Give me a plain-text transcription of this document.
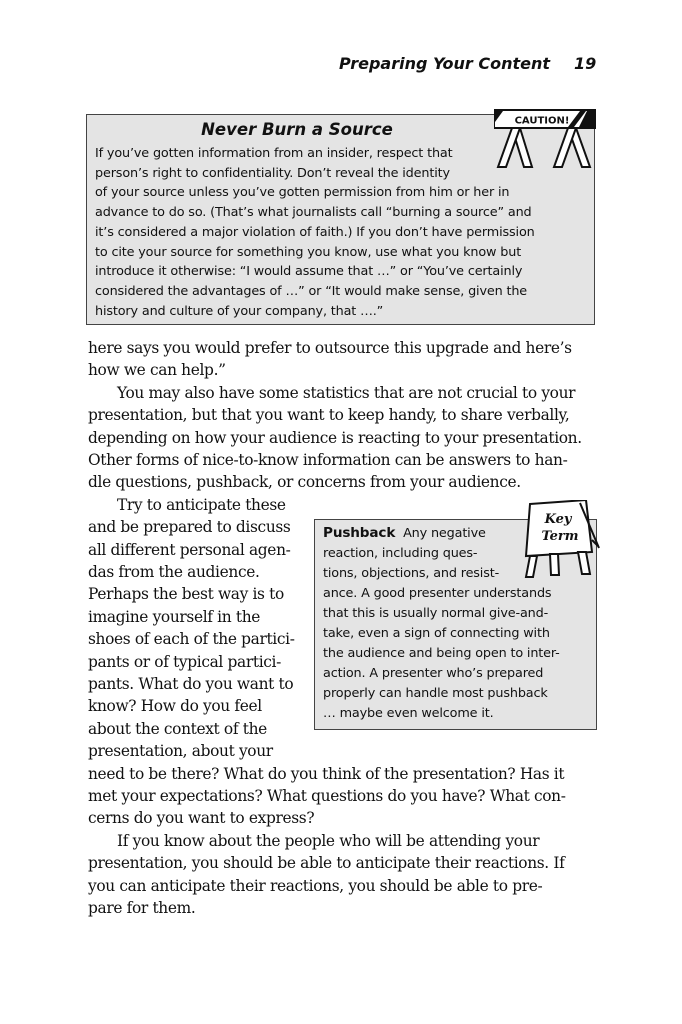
Preparing Your Content 19
Never Burn a Source
If you’ve gotten information from an insider, respect that
person’s right to confidentiality. Don’t reveal the identity
of your source unless you’ve gotten permission from him or her in
advance to do so. (That’s what journalists call “burning a source” and
it’s considered a major violation of faith.) If you don’t have permission
to cite your source for something you know, use what you know but
introduce it otherwise: “I would assume that …” or “You’ve certainly
considered the advantages of …” or “It would make sense, given the
history and culture of your company, that ….”
CAUTION!
here says you would prefer to outsource this upgrade and here’s
how we can help.”
You may also have some statistics that are not crucial to your
presentation, but that you want to keep handy, to share verbally,
depending on how your audience is reacting to your presentation.
Other forms of nice-to-know information can be answers to han-
dle questions, pushback, or concerns from your audience.
Try to anticipate these
and be prepared to discuss
all different personal agen-
das from the audience.
Perhaps the best way is to
imagine yourself in the
shoes of each of the partici-
pants or of typical partici-
pants. What do you want to
know? How do you feel
about the context of the
presentation, about your
need to be there? What do you think of the presentation? Has it
met your expectations? What questions do you have? What con-
cerns do you want to express?
If you know about the people who will be attending your
presentation, you should be able to anticipate their reactions. If
you can anticipate their reactions, you should be able to pre-
pare for them.
Pushback Any negative
reaction, including ques-
tions, objections, and resist-
ance. A good presenter understands
that this is usually normal give-and-
take, even a sign of connecting with
the audience and being open to inter-
action. A presenter who’s prepared
properly can handle most pushback
… maybe even welcome it.
Key
Term
